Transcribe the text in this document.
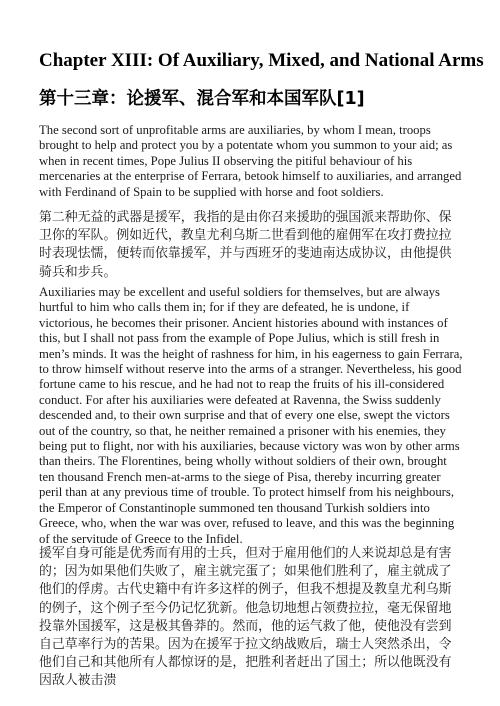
Chapter XIII: Of Auxiliary, Mixed, and National Arms
第十三章：论援军、混合军和本国军队[1]

The second sort of unprofitable arms are auxiliaries, by whom I mean, troops brought to help and protect you by a potentate whom you summon to your aid; as when in recent times, Pope Julius II observing the pitiful behaviour of his mercenaries at the enterprise of Ferrara, betook himself to auxiliaries, and arranged with Ferdinand of Spain to be supplied with horse and foot soldiers.

第二种无益的武器是援军，我指的是由你召来援助的强国派来帮助你、保卫你的军队。例如近代，教皇尤利乌斯二世看到他的雇佣军在攻打费拉拉时表现怯懦，便转而依靠援军，并与西班牙的斐迪南达成协议，由他提供骑兵和步兵。

Auxiliaries may be excellent and useful soldiers for themselves, but are always hurtful to him who calls them in; for if they are defeated, he is undone, if victorious, he becomes their prisoner. Ancient histories abound with instances of this, but I shall not pass from the example of Pope Julius, which is still fresh in men’s minds. It was the height of rashness for him, in his eagerness to gain Ferrara, to throw himself without reserve into the arms of a stranger. Nevertheless, his good fortune came to his rescue, and he had not to reap the fruits of his ill-considered conduct. For after his auxiliaries were defeated at Ravenna, the Swiss suddenly descended and, to their own surprise and that of every one else, swept the victors out of the country, so that, he neither remained a prisoner with his enemies, they being put to flight, nor with his auxiliaries, because victory was won by other arms than theirs. The Florentines, being wholly without soldiers of their own, brought ten thousand French men-at-arms to the siege of Pisa, thereby incurring greater peril than at any previous time of trouble. To protect himself from his neighbours, the Emperor of Constantinople summoned ten thousand Turkish soldiers into Greece, who, when the war was over, refused to leave, and this was the beginning of the servitude of Greece to the Infidel.

援军自身可能是优秀而有用的士兵，但对于雇用他们的人来说却总是有害的；因为如果他们失败了，雇主就完蛋了；如果他们胜利了，雇主就成了他们的俘虏。古代史籍中有许多这样的例子，但我不想提及教皇尤利乌斯的例子，这个例子至今仍记忆犹新。他急切地想占领费拉拉，毫无保留地投靠外国援军，这是极其鲁莽的。然而，他的运气救了他，使他没有尝到自己草率行为的苦果。因为在援军于拉文纳战败后，瑞士人突然杀出，令他们自己和其他所有人都惊讶的是，把胜利者赶出了国土；所以他既没有因敌人被击溃
